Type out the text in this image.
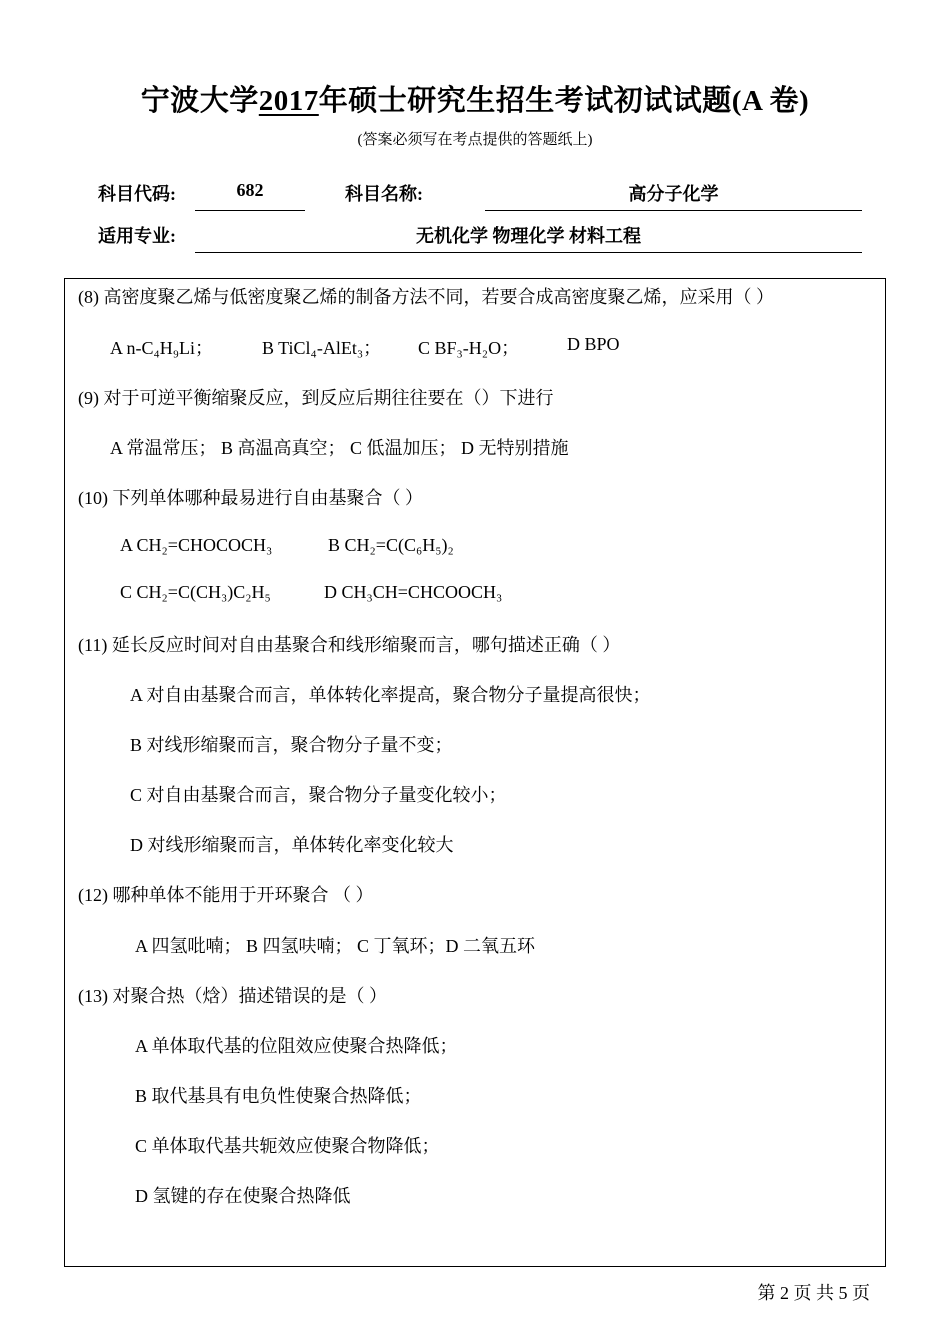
宁波大学2017年硕士研究生招生考试初试试题(A 卷)
(答案必须写在考点提供的答题纸上)
科目代码:	682	科目名称:	高分子化学
适用专业:	无机化学 物理化学 材料工程
(8) 高密度聚乙烯与低密度聚乙烯的制备方法不同，若要合成高密度聚乙烯，应采用（ ）
A n-C₄H₉Li；	B TiCl₄-AlEt₃； C BF₃-H₂O；	D BPO
(9) 对于可逆平衡缩聚反应，到反应后期往往要在（）下进行
A 常温常压； B 高温高真空； C 低温加压； D 无特别措施
(10) 下列单体哪种最易进行自由基聚合（ ）
A CH₂=CHOCOCH₃	B CH₂=C(C₆H₅)₂
C CH₂=C(CH₃)C₂H₅	D CH₃CH=CHCOOCH₃
(11) 延长反应时间对自由基聚合和线形缩聚而言，哪句描述正确（ ）
A 对自由基聚合而言，单体转化率提高，聚合物分子量提高很快；
B 对线形缩聚而言，聚合物分子量不变；
C 对自由基聚合而言，聚合物分子量变化较小；
D 对线形缩聚而言，单体转化率变化较大
(12) 哪种单体不能用于开环聚合 （ ）
A 四氢吡喃； B 四氢呋喃； C 丁氧环；D 二氧五环
(13) 对聚合热（焓）描述错误的是（ ）
A 单体取代基的位阻效应使聚合热降低；
B 取代基具有电负性使聚合热降低；
C 单体取代基共轭效应使聚合物降低；
D 氢键的存在使聚合热降低
第 2 页 共 5 页
